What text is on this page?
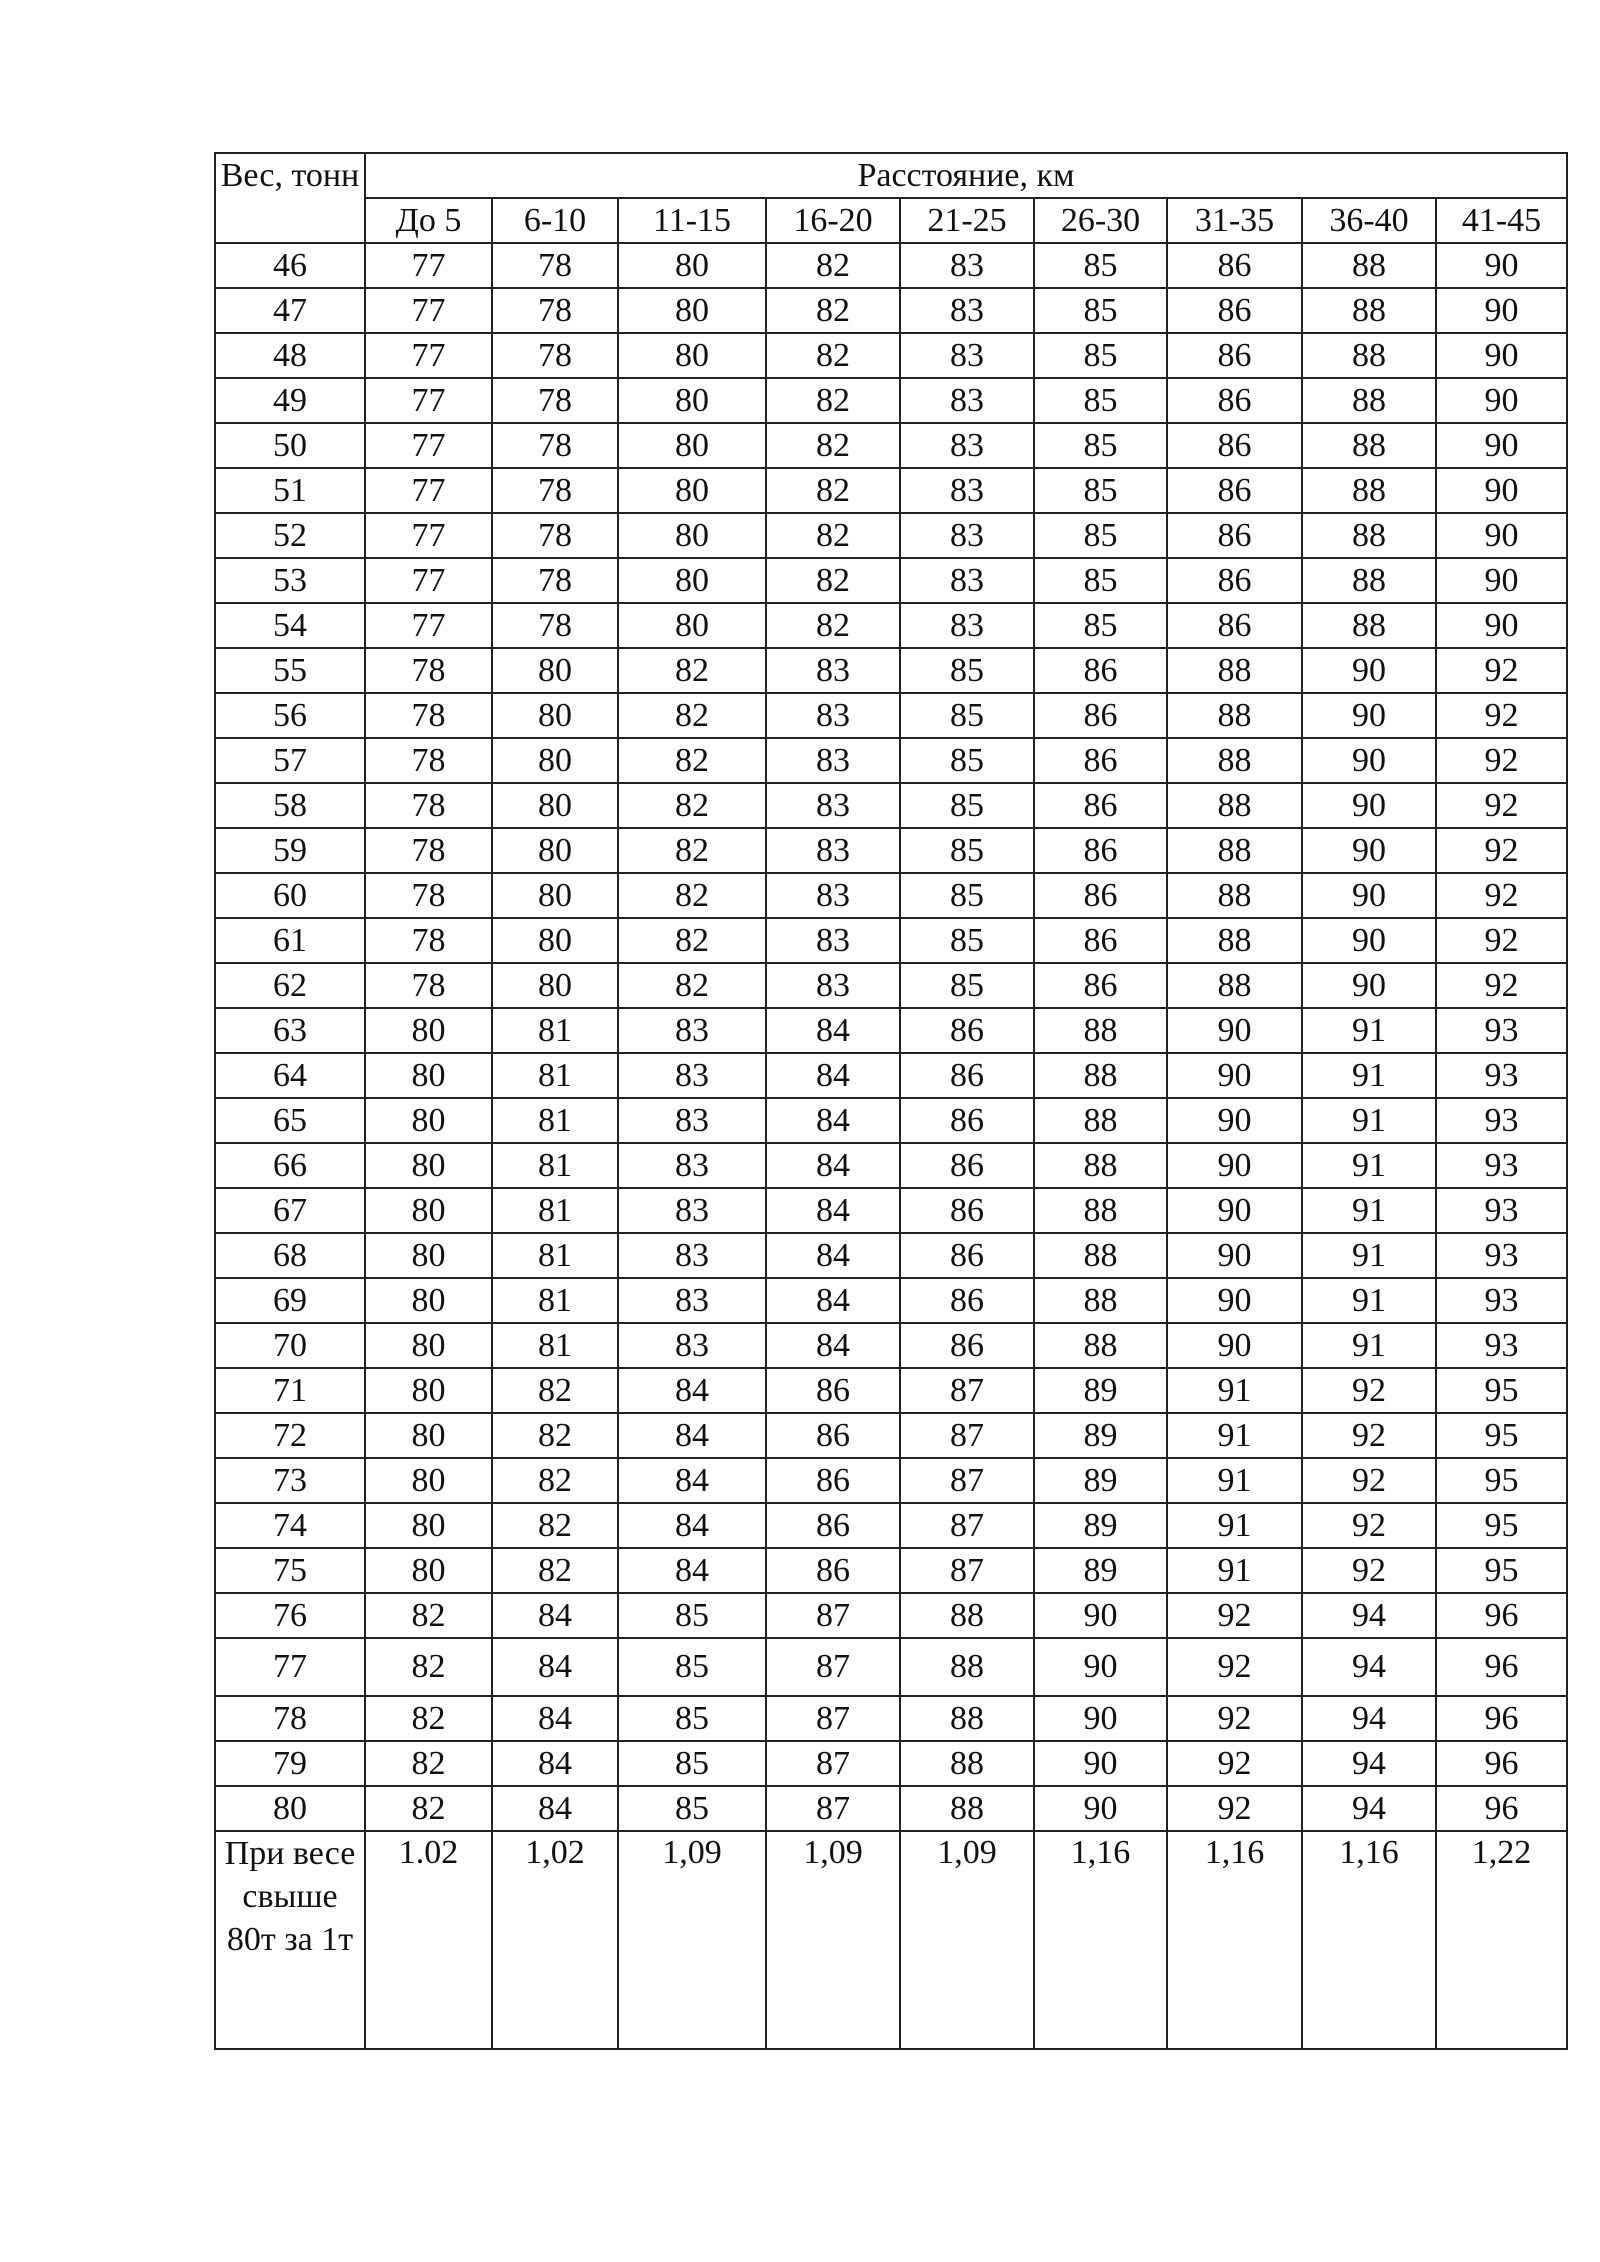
Вес, тонн	Расстояние, км								
	До 5	6-10	11-15	16-20	21-25	26-30	31-35	36-40	41-45
46	77	78	80	82	83	85	86	88	90
47	77	78	80	82	83	85	86	88	90
48	77	78	80	82	83	85	86	88	90
49	77	78	80	82	83	85	86	88	90
50	77	78	80	82	83	85	86	88	90
51	77	78	80	82	83	85	86	88	90
52	77	78	80	82	83	85	86	88	90
53	77	78	80	82	83	85	86	88	90
54	77	78	80	82	83	85	86	88	90
55	78	80	82	83	85	86	88	90	92
56	78	80	82	83	85	86	88	90	92
57	78	80	82	83	85	86	88	90	92
58	78	80	82	83	85	86	88	90	92
59	78	80	82	83	85	86	88	90	92
60	78	80	82	83	85	86	88	90	92
61	78	80	82	83	85	86	88	90	92
62	78	80	82	83	85	86	88	90	92
63	80	81	83	84	86	88	90	91	93
64	80	81	83	84	86	88	90	91	93
65	80	81	83	84	86	88	90	91	93
66	80	81	83	84	86	88	90	91	93
67	80	81	83	84	86	88	90	91	93
68	80	81	83	84	86	88	90	91	93
69	80	81	83	84	86	88	90	91	93
70	80	81	83	84	86	88	90	91	93
71	80	82	84	86	87	89	91	92	95
72	80	82	84	86	87	89	91	92	95
73	80	82	84	86	87	89	91	92	95
74	80	82	84	86	87	89	91	92	95
75	80	82	84	86	87	89	91	92	95
76	82	84	85	87	88	90	92	94	96
77	82	84	85	87	88	90	92	94	96
78	82	84	85	87	88	90	92	94	96
79	82	84	85	87	88	90	92	94	96
80	82	84	85	87	88	90	92	94	96
При весе свыше 80т за 1т	1.02	1,02	1,09	1,09	1,09	1,16	1,16	1,16	1,22
